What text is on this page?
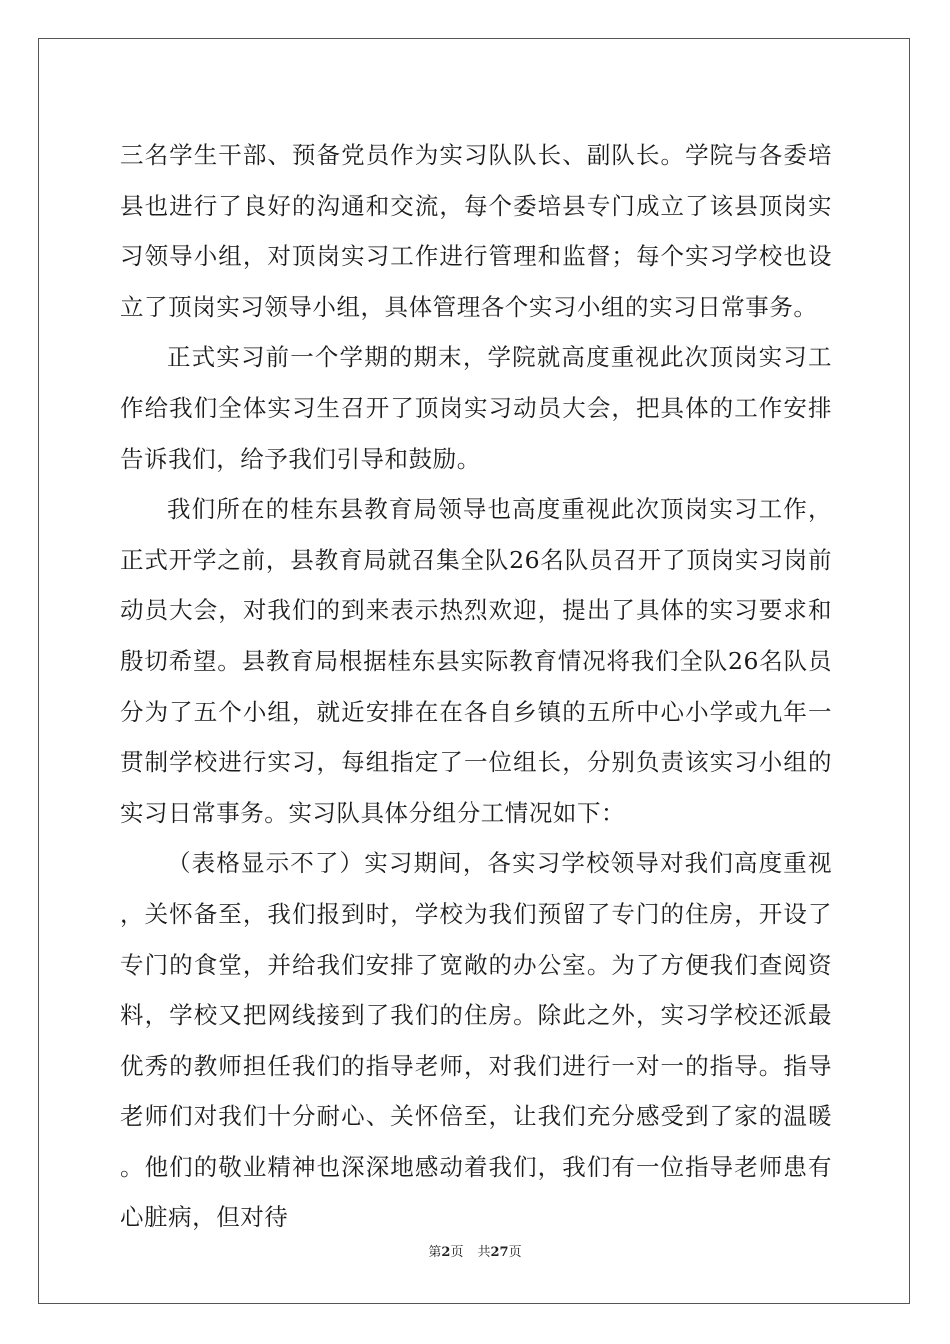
三名学生干部、预备党员作为实习队队长、副队长。学院与各委培县也进行了良好的沟通和交流，每个委培县专门成立了该县顶岗实习领导小组，对顶岗实习工作进行管理和监督；每个实习学校也设立了顶岗实习领导小组，具体管理各个实习小组的实习日常事务。

正式实习前一个学期的期末，学院就高度重视此次顶岗实习工作给我们全体实习生召开了顶岗实习动员大会，把具体的工作安排告诉我们，给予我们引导和鼓励。

我们所在的桂东县教育局领导也高度重视此次顶岗实习工作，正式开学之前，县教育局就召集全队26名队员召开了顶岗实习岗前动员大会，对我们的到来表示热烈欢迎，提出了具体的实习要求和殷切希望。县教育局根据桂东县实际教育情况将我们全队26名队员分为了五个小组，就近安排在在各自乡镇的五所中心小学或九年一贯制学校进行实习，每组指定了一位组长，分别负责该实习小组的实习日常事务。实习队具体分组分工情况如下：

（表格显示不了）实习期间，各实习学校领导对我们高度重视，关怀备至，我们报到时，学校为我们预留了专门的住房，开设了专门的食堂，并给我们安排了宽敞的办公室。为了方便我们查阅资料，学校又把网线接到了我们的住房。除此之外，实习学校还派最优秀的教师担任我们的指导老师，对我们进行一对一的指导。指导老师们对我们十分耐心、关怀倍至，让我们充分感受到了家的温暖。他们的敬业精神也深深地感动着我们，我们有一位指导老师患有心脏病，但对待

第2页 共27页
